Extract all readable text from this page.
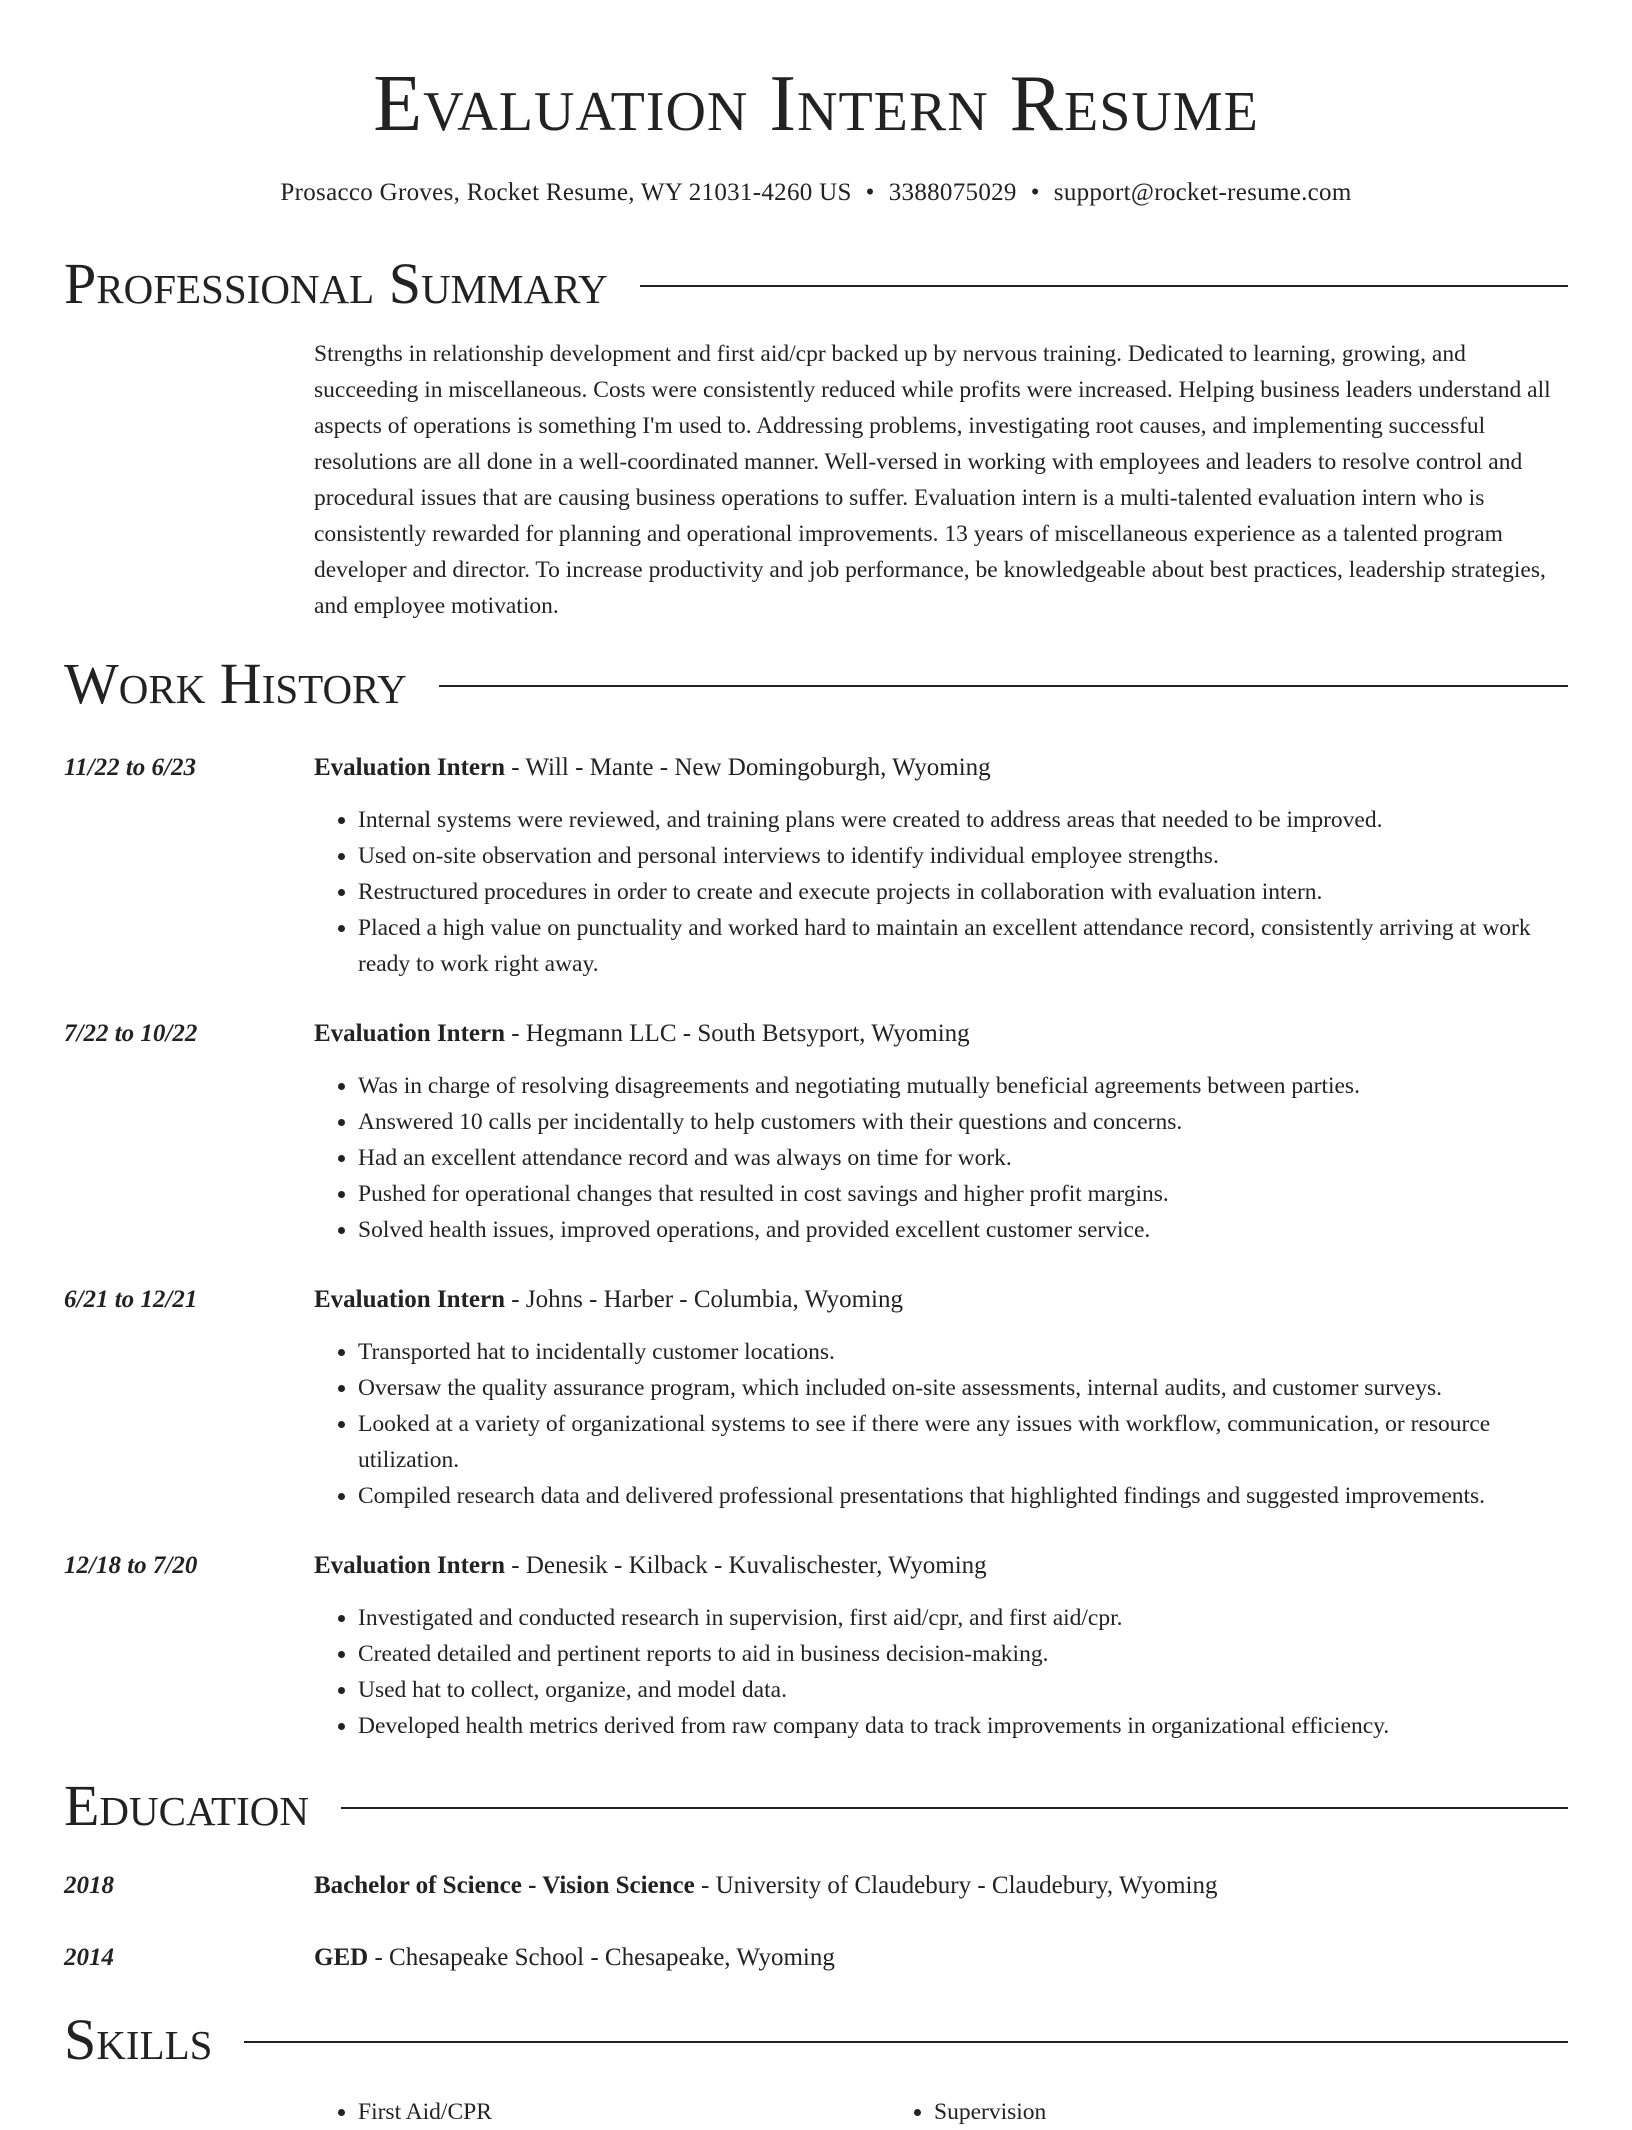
Evaluation Intern Resume
Prosacco Groves, Rocket Resume, WY 21031-4260 US • 3388075029 • support@rocket-resume.com
Professional Summary
Strengths in relationship development and first aid/cpr backed up by nervous training. Dedicated to learning, growing, and succeeding in miscellaneous. Costs were consistently reduced while profits were increased. Helping business leaders understand all aspects of operations is something I'm used to. Addressing problems, investigating root causes, and implementing successful resolutions are all done in a well-coordinated manner. Well-versed in working with employees and leaders to resolve control and procedural issues that are causing business operations to suffer. Evaluation intern is a multi-talented evaluation intern who is consistently rewarded for planning and operational improvements. 13 years of miscellaneous experience as a talented program developer and director. To increase productivity and job performance, be knowledgeable about best practices, leadership strategies, and employee motivation.
Work History
11/22 to 6/23	Evaluation Intern - Will - Mante - New Domingoburgh, Wyoming
• Internal systems were reviewed, and training plans were created to address areas that needed to be improved.
• Used on-site observation and personal interviews to identify individual employee strengths.
• Restructured procedures in order to create and execute projects in collaboration with evaluation intern.
• Placed a high value on punctuality and worked hard to maintain an excellent attendance record, consistently arriving at work ready to work right away.
7/22 to 10/22	Evaluation Intern - Hegmann LLC - South Betsyport, Wyoming
• Was in charge of resolving disagreements and negotiating mutually beneficial agreements between parties.
• Answered 10 calls per incidentally to help customers with their questions and concerns.
• Had an excellent attendance record and was always on time for work.
• Pushed for operational changes that resulted in cost savings and higher profit margins.
• Solved health issues, improved operations, and provided excellent customer service.
6/21 to 12/21	Evaluation Intern - Johns - Harber - Columbia, Wyoming
• Transported hat to incidentally customer locations.
• Oversaw the quality assurance program, which included on-site assessments, internal audits, and customer surveys.
• Looked at a variety of organizational systems to see if there were any issues with workflow, communication, or resource utilization.
• Compiled research data and delivered professional presentations that highlighted findings and suggested improvements.
12/18 to 7/20	Evaluation Intern - Denesik - Kilback - Kuvalischester, Wyoming
• Investigated and conducted research in supervision, first aid/cpr, and first aid/cpr.
• Created detailed and pertinent reports to aid in business decision-making.
• Used hat to collect, organize, and model data.
• Developed health metrics derived from raw company data to track improvements in organizational efficiency.
Education
2018	Bachelor of Science - Vision Science - University of Claudebury - Claudebury, Wyoming
2014	GED - Chesapeake School - Chesapeake, Wyoming
Skills
• First Aid/CPR
•	Supervision
